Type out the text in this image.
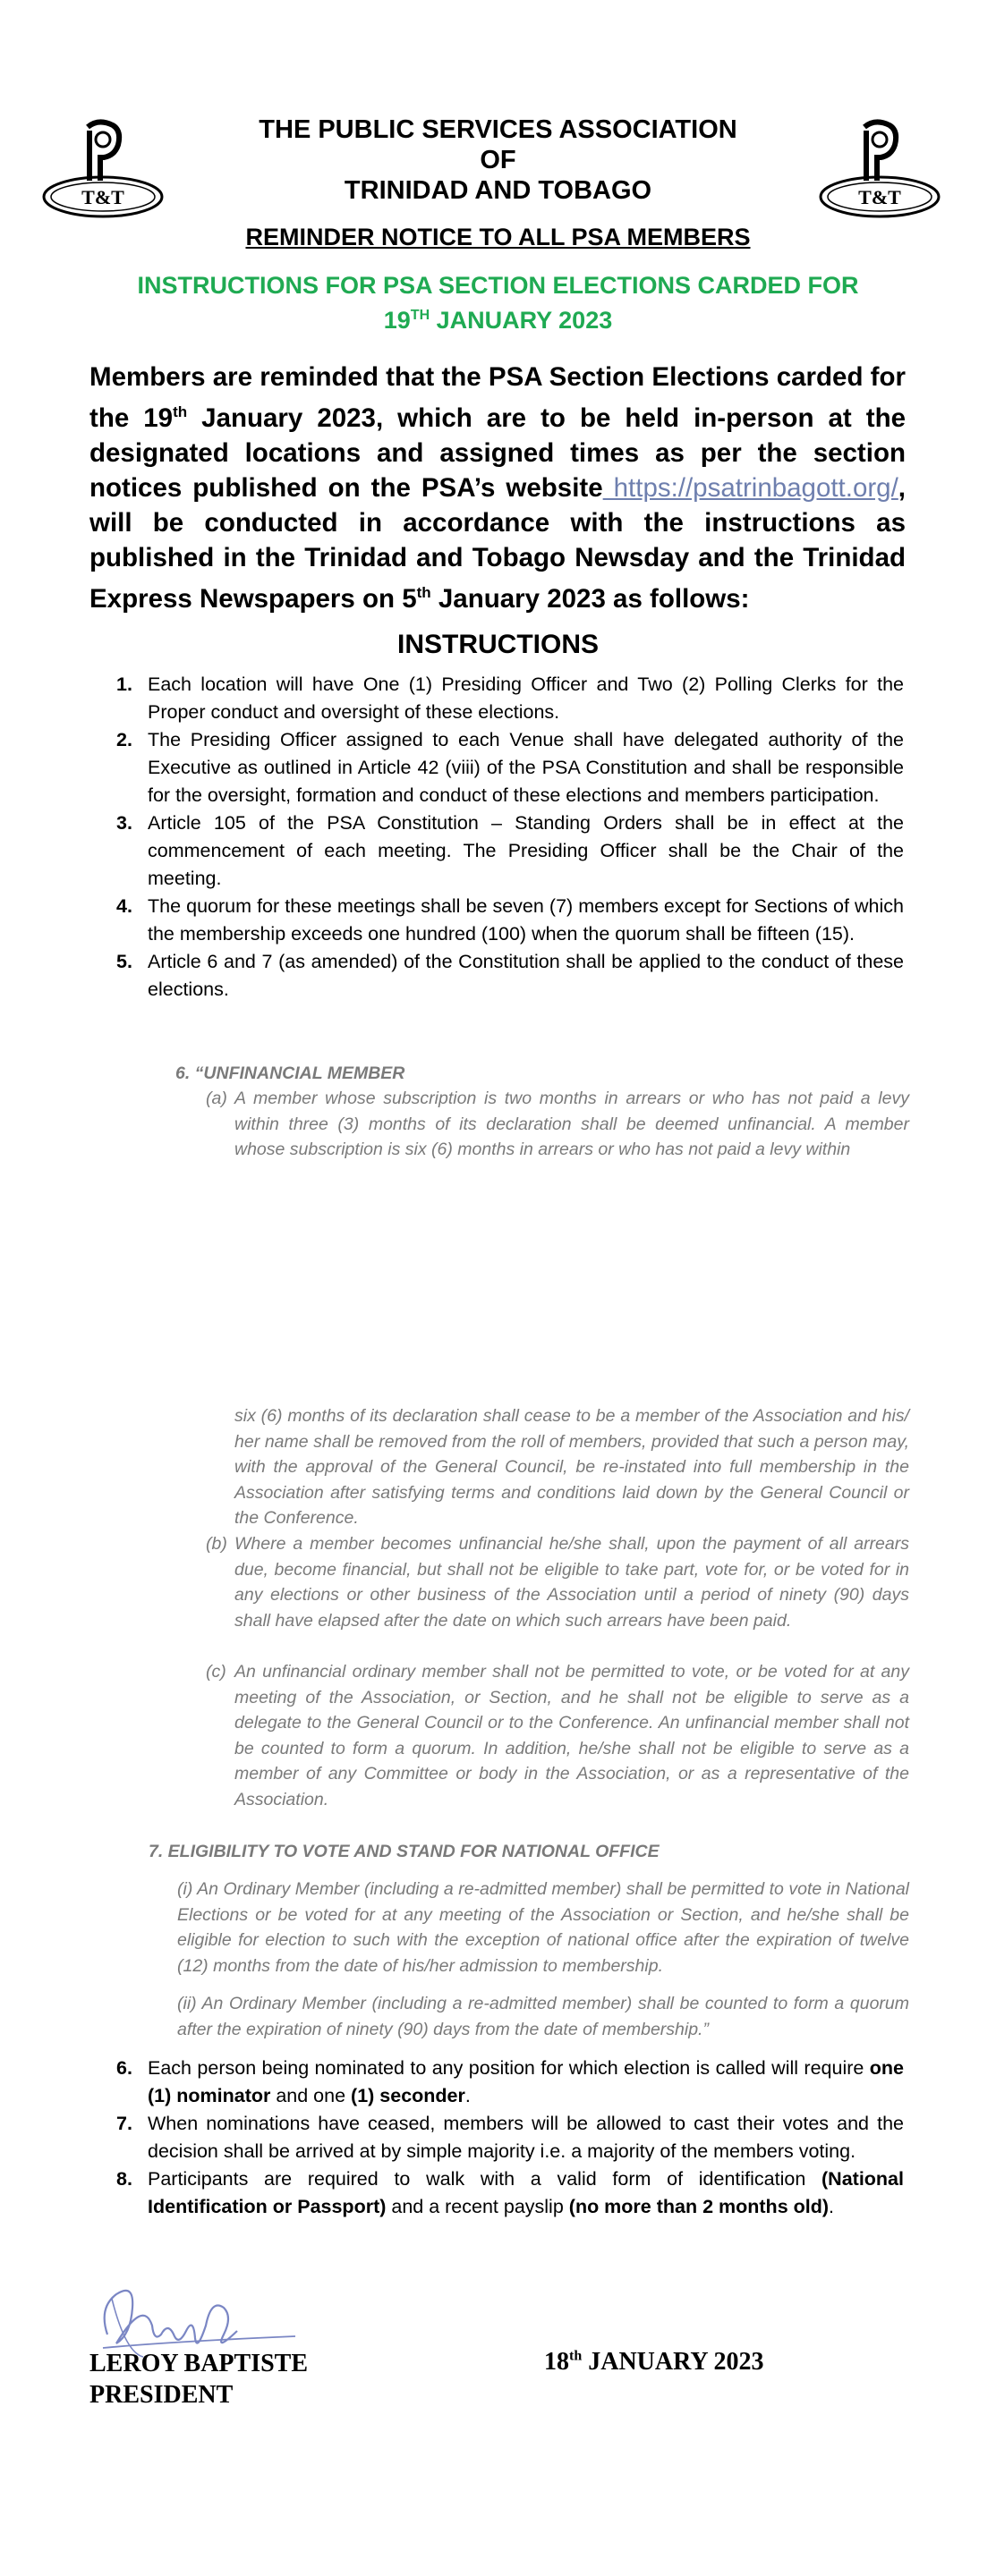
T&T	T&T
THE PUBLIC SERVICES ASSOCIATION
OF
TRINIDAD AND TOBAGO
REMINDER NOTICE TO ALL PSA MEMBERS
INSTRUCTIONS FOR PSA SECTION ELECTIONS CARDED FOR
19TH JANUARY 2023
Members are reminded that the PSA Section Elections carded for the 19th January 2023, which are to be held in-person at the designated locations and assigned times as per the section notices published on the PSA’s website https://psatrinbagott.org/, will be conducted in accordance with the instructions as published in the Trinidad and Tobago Newsday and the Trinidad Express Newspapers on 5th January 2023 as follows:
INSTRUCTIONS

1. Each location will have One (1) Presiding Officer and Two (2) Polling Clerks for the Proper conduct and oversight of these elections.

2. The Presiding Officer assigned to each Venue shall have delegated authority of the Executive as outlined in Article 42 (viii) of the PSA Constitution and shall be responsible for the oversight, formation and conduct of these elections and members participation.

3. Article 105 of the PSA Constitution – Standing Orders shall be in effect at the commencement of each meeting. The Presiding Officer shall be the Chair of the meeting.

4. The quorum for these meetings shall be seven (7) members except for Sections of which the membership exceeds one hundred (100) when the quorum shall be fifteen (15).

5. Article 6 and 7 (as amended) of the Constitution shall be applied to the conduct of these elections.

6. “UNFINANCIAL MEMBER
(a) A member whose subscription is two months in arrears or who has not paid a levy within three (3) months of its declaration shall be deemed unfinancial. A member whose subscription is six (6) months in arrears or who has not paid a levy within
six (6) months of its declaration shall cease to be a member of the Association and his/ her name shall be removed from the roll of members, provided that such a person may, with the approval of the General Council, be re-instated into full membership in the Association after satisfying terms and conditions laid down by the General Council or the Conference.
(b) Where a member becomes unfinancial he/she shall, upon the payment of all arrears due, become financial, but shall not be eligible to take part, vote for, or be voted for in any elections or other business of the Association until a period of ninety (90) days shall have elapsed after the date on which such arrears have been paid.
(c) An unfinancial ordinary member shall not be permitted to vote, or be voted for at any meeting of the Association, or Section, and he shall not be eligible to serve as a delegate to the General Council or to the Conference. An unfinancial member shall not be counted to form a quorum. In addition, he/she shall not be eligible to serve as a member of any Committee or body in the Association, or as a representative of the Association.
7. ELIGIBILITY TO VOTE AND STAND FOR NATIONAL OFFICE
(i) An Ordinary Member (including a re-admitted member) shall be permitted to vote in National Elections or be voted for at any meeting of the Association or Section, and he/she shall be eligible for election to such with the exception of national office after the expiration of twelve (12) months from the date of his/her admission to membership.
(ii) An Ordinary Member (including a re-admitted member) shall be counted to form a quorum after the expiration of ninety (90) days from the date of membership.”

6. Each person being nominated to any position for which election is called will require one (1) nominator and one (1) seconder.

7. When nominations have ceased, members will be allowed to cast their votes and the decision shall be arrived at by simple majority i.e. a majority of the members voting.

8. Participants are required to walk with a valid form of identification (National Identification or Passport) and a recent payslip (no more than 2 months old).

LEROY BAPTISTE
PRESIDENT
18th JANUARY 2023
